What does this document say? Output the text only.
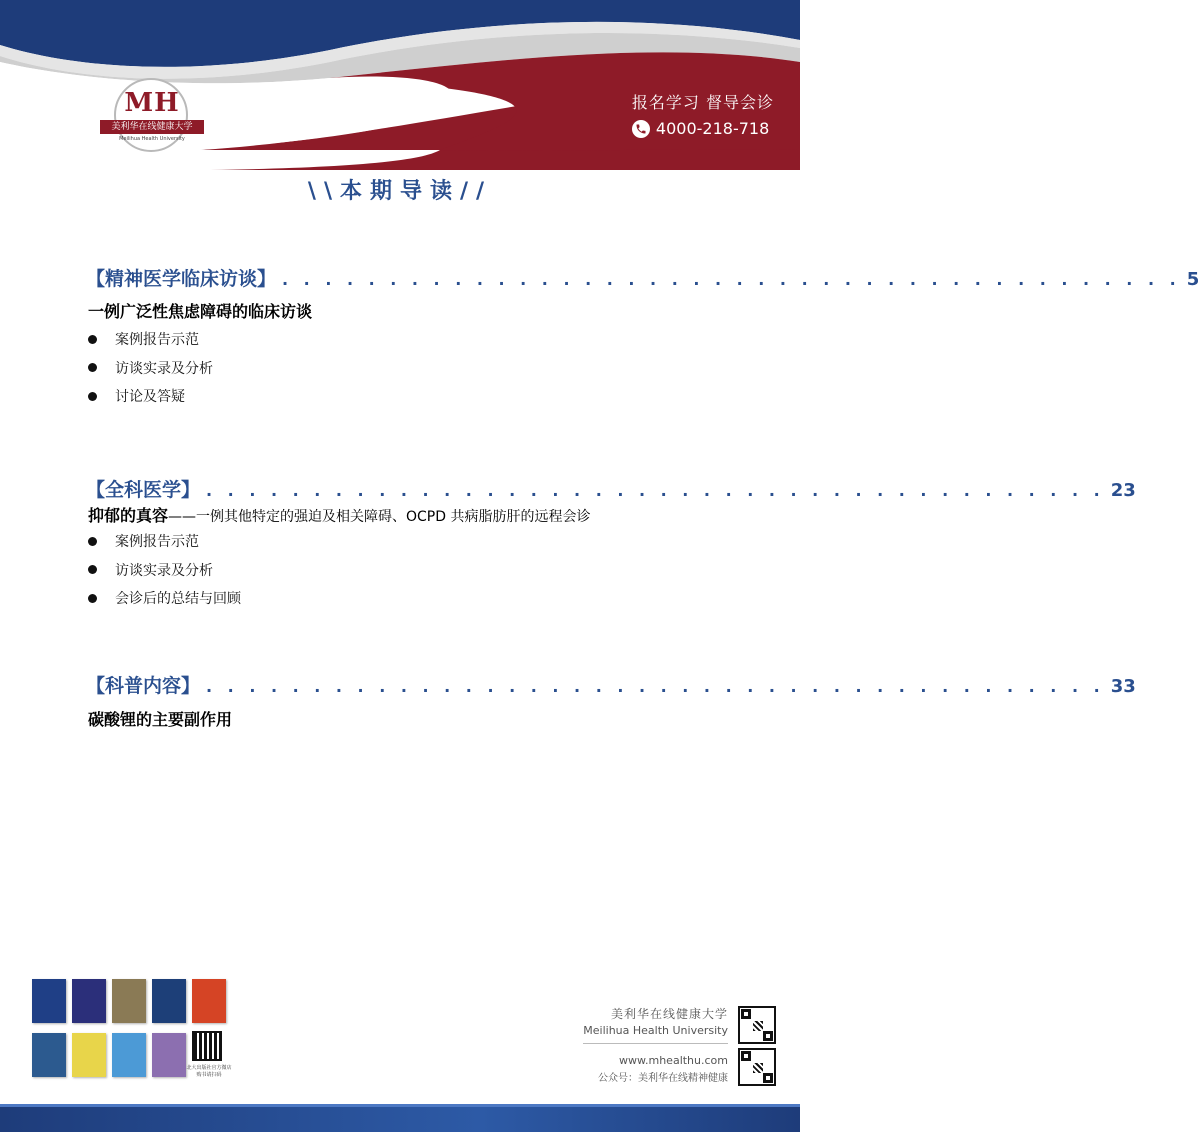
MH
美利华在线健康大学
Meilihua Health University
报名学习 督导会诊
4000-218-718
\\本期导读//
【精神医学临床访谈】 . . . . . . . . . . . . . . . . . . . . . . . . . . . . . . . . . . . . . . . . . . 5
一例广泛性焦虑障碍的临床访谈
案例报告示范
访谈实录及分析
讨论及答疑
【全科医学】 . . . . . . . . . . . . . . . . . . . . . . . . . . . . . . . . . . . . . . . . . . 23
抑郁的真容——一例其他特定的强迫及相关障碍、OCPD 共病脂肪肝的远程会诊
案例报告示范
访谈实录及分析
会诊后的总结与回顾
【科普内容】 . . . . . . . . . . . . . . . . . . . . . . . . . . . . . . . . . . . . . . . . . . 33
碳酸锂的主要副作用
北大出版社官方微店
购书请扫码
美利华在线健康大学
Meilihua Health University
www.mhealthu.com
公众号：美利华在线精神健康
